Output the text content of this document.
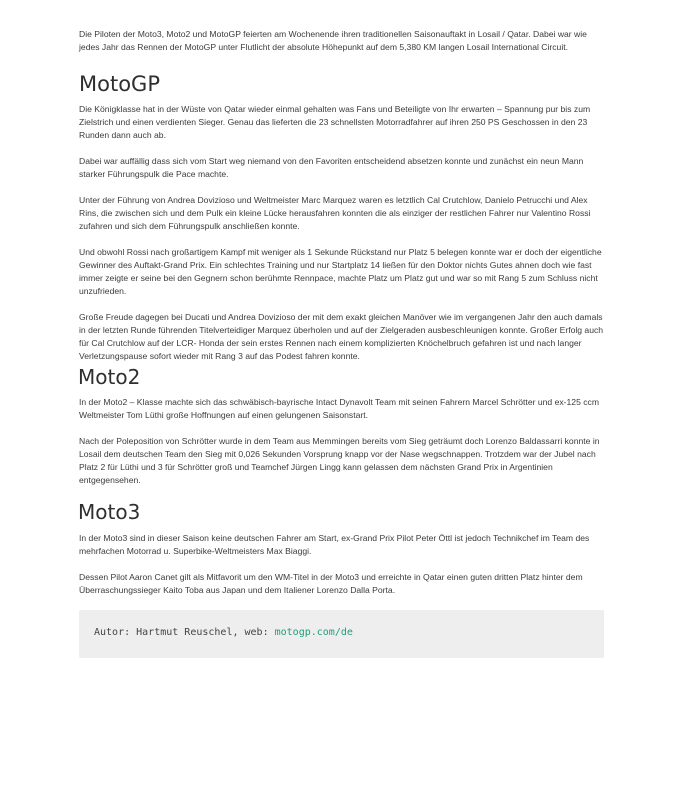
Die Piloten der Moto3, Moto2 und MotoGP feierten am Wochenende ihren traditionellen Saisonauftakt in Losail / Qatar. Dabei war wie jedes Jahr das Rennen der MotoGP unter Flutlicht der absolute Höhepunkt auf dem 5,380 KM langen Losail International Circuit.

MotoGP

Die Königklasse hat in der Wüste von Qatar wieder einmal gehalten was Fans und Beteiligte von Ihr erwarten – Spannung pur bis zum Zielstrich und einen verdienten Sieger. Genau das lieferten die 23 schnellsten Motorradfahrer auf ihren 250 PS Geschossen in den 23 Runden dann auch ab.

Dabei war auffällig dass sich vom Start weg niemand von den Favoriten entscheidend absetzen konnte und zunächst ein neun Mann starker Führungspulk die Pace machte.

Unter der Führung von Andrea Dovizioso und Weltmeister Marc Marquez waren es letztlich Cal Crutchlow, Danielo Petrucchi und Alex Rins, die zwischen sich und dem Pulk ein kleine Lücke herausfahren konnten die als einziger der restlichen Fahrer nur Valentino Rossi zufahren und sich dem Führungspulk anschließen konnte.

Und obwohl Rossi nach großartigem Kampf mit weniger als 1 Sekunde Rückstand nur Platz 5 belegen konnte war er doch der eigentliche Gewinner des Auftakt-Grand Prix. Ein schlechtes Training und nur Startplatz 14 ließen für den Doktor nichts Gutes ahnen doch wie fast immer zeigte er seine bei den Gegnern schon berühmte Rennpace, machte Platz um Platz gut und war so mit Rang 5 zum Schluss nicht unzufrieden.

Große Freude dagegen bei Ducati und Andrea Dovizioso der mit dem exakt gleichen Manöver wie im vergangenen Jahr den auch damals in der letzten Runde führenden Titelverteidiger Marquez überholen und auf der Zielgeraden ausbeschleunigen konnte. Großer Erfolg auch für Cal Crutchlow auf der LCR- Honda der sein erstes Rennen nach einem komplizierten Knöchelbruch gefahren ist und nach langer Verletzungspause sofort wieder mit Rang 3 auf das Podest fahren konnte.

Moto2

In der Moto2 – Klasse machte sich das schwäbisch-bayrische Intact Dynavolt Team mit seinen Fahrern Marcel Schrötter und ex-125 ccm Weltmeister Tom Lüthi große Hoffnungen auf einen gelungenen Saisonstart.

Nach der Poleposition von Schrötter wurde in dem Team aus Memmingen bereits vom Sieg geträumt doch Lorenzo Baldassarri konnte in Losail dem deutschen Team den Sieg mit 0,026 Sekunden Vorsprung knapp vor der Nase wegschnappen. Trotzdem war der Jubel nach Platz 2 für Lüthi und 3 für Schrötter groß und Teamchef Jürgen Lingg kann gelassen dem nächsten Grand Prix in Argentinien entgegensehen.

Moto3

In der Moto3 sind in dieser Saison keine deutschen Fahrer am Start, ex-Grand Prix Pilot Peter Öttl ist jedoch Technikchef im Team des mehrfachen Motorrad u. Superbike-Weltmeisters Max Biaggi.

Dessen Pilot Aaron Canet gilt als Mitfavorit um den WM-Titel in der Moto3 und erreichte in Qatar einen guten dritten Platz hinter dem Überraschungssieger Kaito Toba aus Japan und dem Italiener Lorenzo Dalla Porta.

Autor: Hartmut Reuschel, web: motogp.com/de
